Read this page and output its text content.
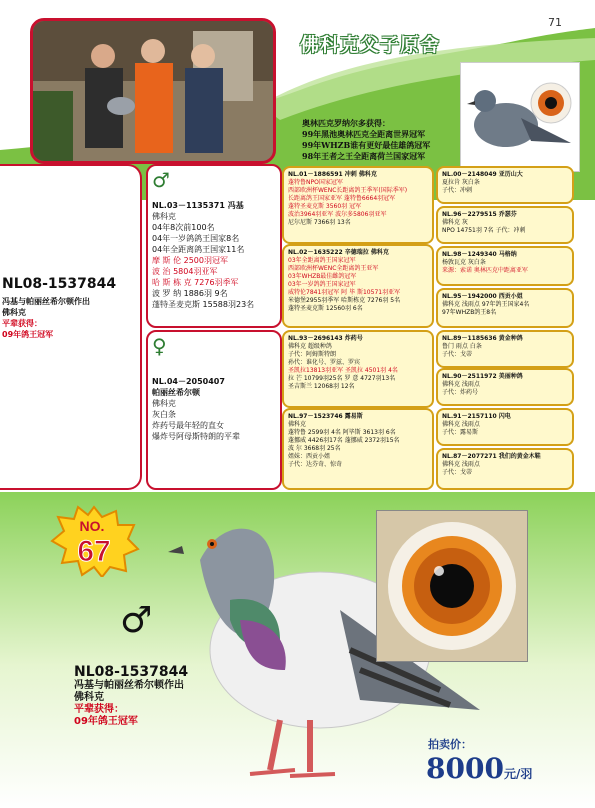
71
佛科克父子原舍
奥林匹克罗纳尔多获得：
99年黑池奥林匹克全距离世界冠军
99年WHZB谁有更好最佳雄鸽冠军
98年王者之王全距离荷兰国家冠军
NL08-1537844
冯基与帕丽丝希尔顿作出
佛科克
平辈获得：
09年鸽王冠军
♂
NL.03－1135371 冯基
佛科克
04年8次前100名
04年一岁鸽鸽王国家8名
04年全距离鸽王国家11名
摩 斯 伦 2500羽冠军
波 治 5804羽亚军
哈 斯 栋 克 7276羽季军
波 罗 纳 1886羽 9名
蓬特圣麦克斯 15588羽23名
♀
NL.04－2050407
帕丽丝希尔顿
佛科克
灰白条
炸药号最年轻的直女
爆炸号阿母斯特朗的平辈
NL.01－1886591 冲刺 佛科克
蓬特鲁NPO国家冠军
西部欧洲杯WENC长距离鸽王季军(国际季军)
长距离鸽王国家亚军 蓬特鲁6664羽冠军
蓬特圣麦克斯 3560羽 冠军
波治3964羽亚军 波尔多5806羽亚军
尼尔尼斯 7366羽 13名
NL.02－1635222 辛德瑞拉 佛科克
03年全距离鸽王国家冠军
西部欧洲杯WENC全距离鸽王亚军
03年WHZB最佳雌鸽冠军
03年一岁鸽鸽王国家冠军
威特伦7841羽冠军 阿 毕 斯10571羽亚军
米德堡2955羽季军 哈斯栋克 7276羽 5名
蓬特圣麦克斯 12560羽 6名
NL.93－2696143 炸药号
佛科克 超级种鸽
子代：阿姆斯特朗
孙代：谁化号、罗兹、罗宾
圣凯拉13813羽亚军 圣凯拉 4501羽 4名
拉 芒 10799羽25名 罗 意 4727羽13名
圣吉斯兰 12068羽 12名
NL.97－1523746 露易斯
佛科克
蓬特鲁 2599羽 4名 阿毕斯 3613羽 6名
蓬挪威 4426羽17名 蓬挪威 2372羽15名
波 尔 3668羽 25名
姐妹：西贡小姐
子代：达芬奇、惊奇
NL.00－2148049 亚历山大
夏拉肯 灰白条
子代：冲刺
NL.96－2279515 乔瑟芬
佛科克 灰
NPO 14751羽 7名 子代：冲刺
NL.98－1249340 马格纳
杨敦瓦克 灰白条
来源：索诺 奥林匹克中距离亚军
NL.95－1942000 西贡小姐
佛科克 浅雨点 97年鸽王国家4名
97年WHZB鸽王8名
NL.89－1185636 黄金种鸽
鲁门 雨点 白条
子代：戈蒂
NL.90－2511972 美丽种鸽
佛科克 浅雨点
子代：炸药号
NL.91－2157110 闪电
佛科克 浅雨点
子代：露易斯
NL.87－2077271 我们的黄金木鞋
佛科克 浅雨点
子代：戈蒂
NO.
67
♂
NL08-1537844
冯基与帕丽丝希尔顿作出
佛科克
平辈获得：
09年鸽王冠军
拍卖价：
8000元/羽
